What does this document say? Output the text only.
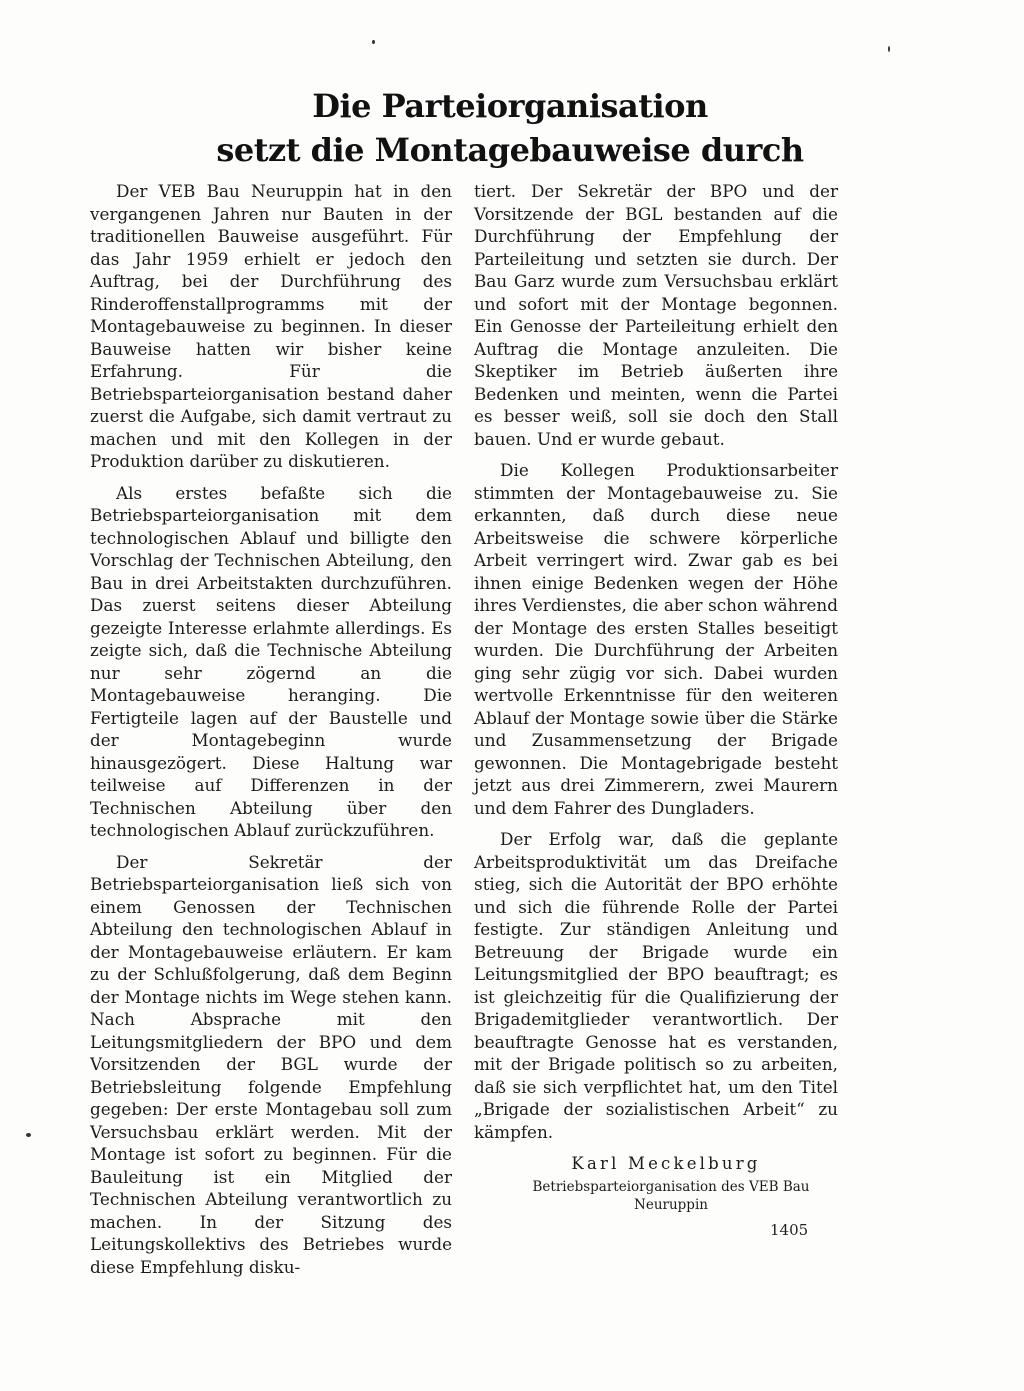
Die Parteiorganisation
setzt die Montagebauweise durch

Der VEB Bau Neuruppin hat in den vergangenen Jahren nur Bauten in der traditionellen Bauweise ausgeführt. Für das Jahr 1959 erhielt er jedoch den Auftrag, bei der Durchführung des Rinderoffenstallprogramms mit der Montagebauweise zu beginnen. In dieser Bauweise hatten wir bisher keine Erfahrung. Für die Betriebsparteiorganisation bestand daher zuerst die Aufgabe, sich damit vertraut zu machen und mit den Kollegen in der Produktion darüber zu diskutieren.

Als erstes befaßte sich die Betriebsparteiorganisation mit dem technologischen Ablauf und billigte den Vorschlag der Technischen Abteilung, den Bau in drei Arbeitstakten durchzuführen. Das zuerst seitens dieser Abteilung gezeigte Interesse erlahmte allerdings. Es zeigte sich, daß die Technische Abteilung nur sehr zögernd an die Montagebauweise heranging. Die Fertigteile lagen auf der Baustelle und der Montagebeginn wurde hinausgezögert. Diese Haltung war teilweise auf Differenzen in der Technischen Abteilung über den technologischen Ablauf zurückzuführen.

Der Sekretär der Betriebsparteiorganisation ließ sich von einem Genossen der Technischen Abteilung den technologischen Ablauf in der Montagebauweise erläutern. Er kam zu der Schlußfolgerung, daß dem Beginn der Montage nichts im Wege stehen kann. Nach Absprache mit den Leitungsmitgliedern der BPO und dem Vorsitzenden der BGL wurde der Betriebsleitung folgende Empfehlung gegeben: Der erste Montagebau soll zum Versuchsbau erklärt werden. Mit der Montage ist sofort zu beginnen. Für die Bauleitung ist ein Mitglied der Technischen Abteilung verantwortlich zu machen. In der Sitzung des Leitungskollektivs des Betriebes wurde diese Empfehlung disku-

tiert. Der Sekretär der BPO und der Vorsitzende der BGL bestanden auf die Durchführung der Empfehlung der Parteileitung und setzten sie durch. Der Bau Garz wurde zum Versuchsbau erklärt und sofort mit der Montage begonnen. Ein Genosse der Parteileitung erhielt den Auftrag die Montage anzuleiten. Die Skeptiker im Betrieb äußerten ihre Bedenken und meinten, wenn die Partei es besser weiß, soll sie doch den Stall bauen. Und er wurde gebaut.

Die Kollegen Produktionsarbeiter stimmten der Montagebauweise zu. Sie erkannten, daß durch diese neue Arbeitsweise die schwere körperliche Arbeit verringert wird. Zwar gab es bei ihnen einige Bedenken wegen der Höhe ihres Verdienstes, die aber schon während der Montage des ersten Stalles beseitigt wurden. Die Durchführung der Arbeiten ging sehr zügig vor sich. Dabei wurden wertvolle Erkenntnisse für den weiteren Ablauf der Montage sowie über die Stärke und Zusammensetzung der Brigade gewonnen. Die Montagebrigade besteht jetzt aus drei Zimmerern, zwei Maurern und dem Fahrer des Dungladers.

Der Erfolg war, daß die geplante Arbeitsproduktivität um das Dreifache stieg, sich die Autorität der BPO erhöhte und sich die führende Rolle der Partei festigte. Zur ständigen Anleitung und Betreuung der Brigade wurde ein Leitungsmitglied der BPO beauftragt; es ist gleichzeitig für die Qualifizierung der Brigademitglieder verantwortlich. Der beauftragte Genosse hat es verstanden, mit der Brigade politisch so zu arbeiten, daß sie sich verpflichtet hat, um den Titel „Brigade der sozialistischen Arbeit“ zu kämpfen.

Karl Meckelburg
Betriebsparteiorganisation des VEB Bau
Neuruppin
1405
